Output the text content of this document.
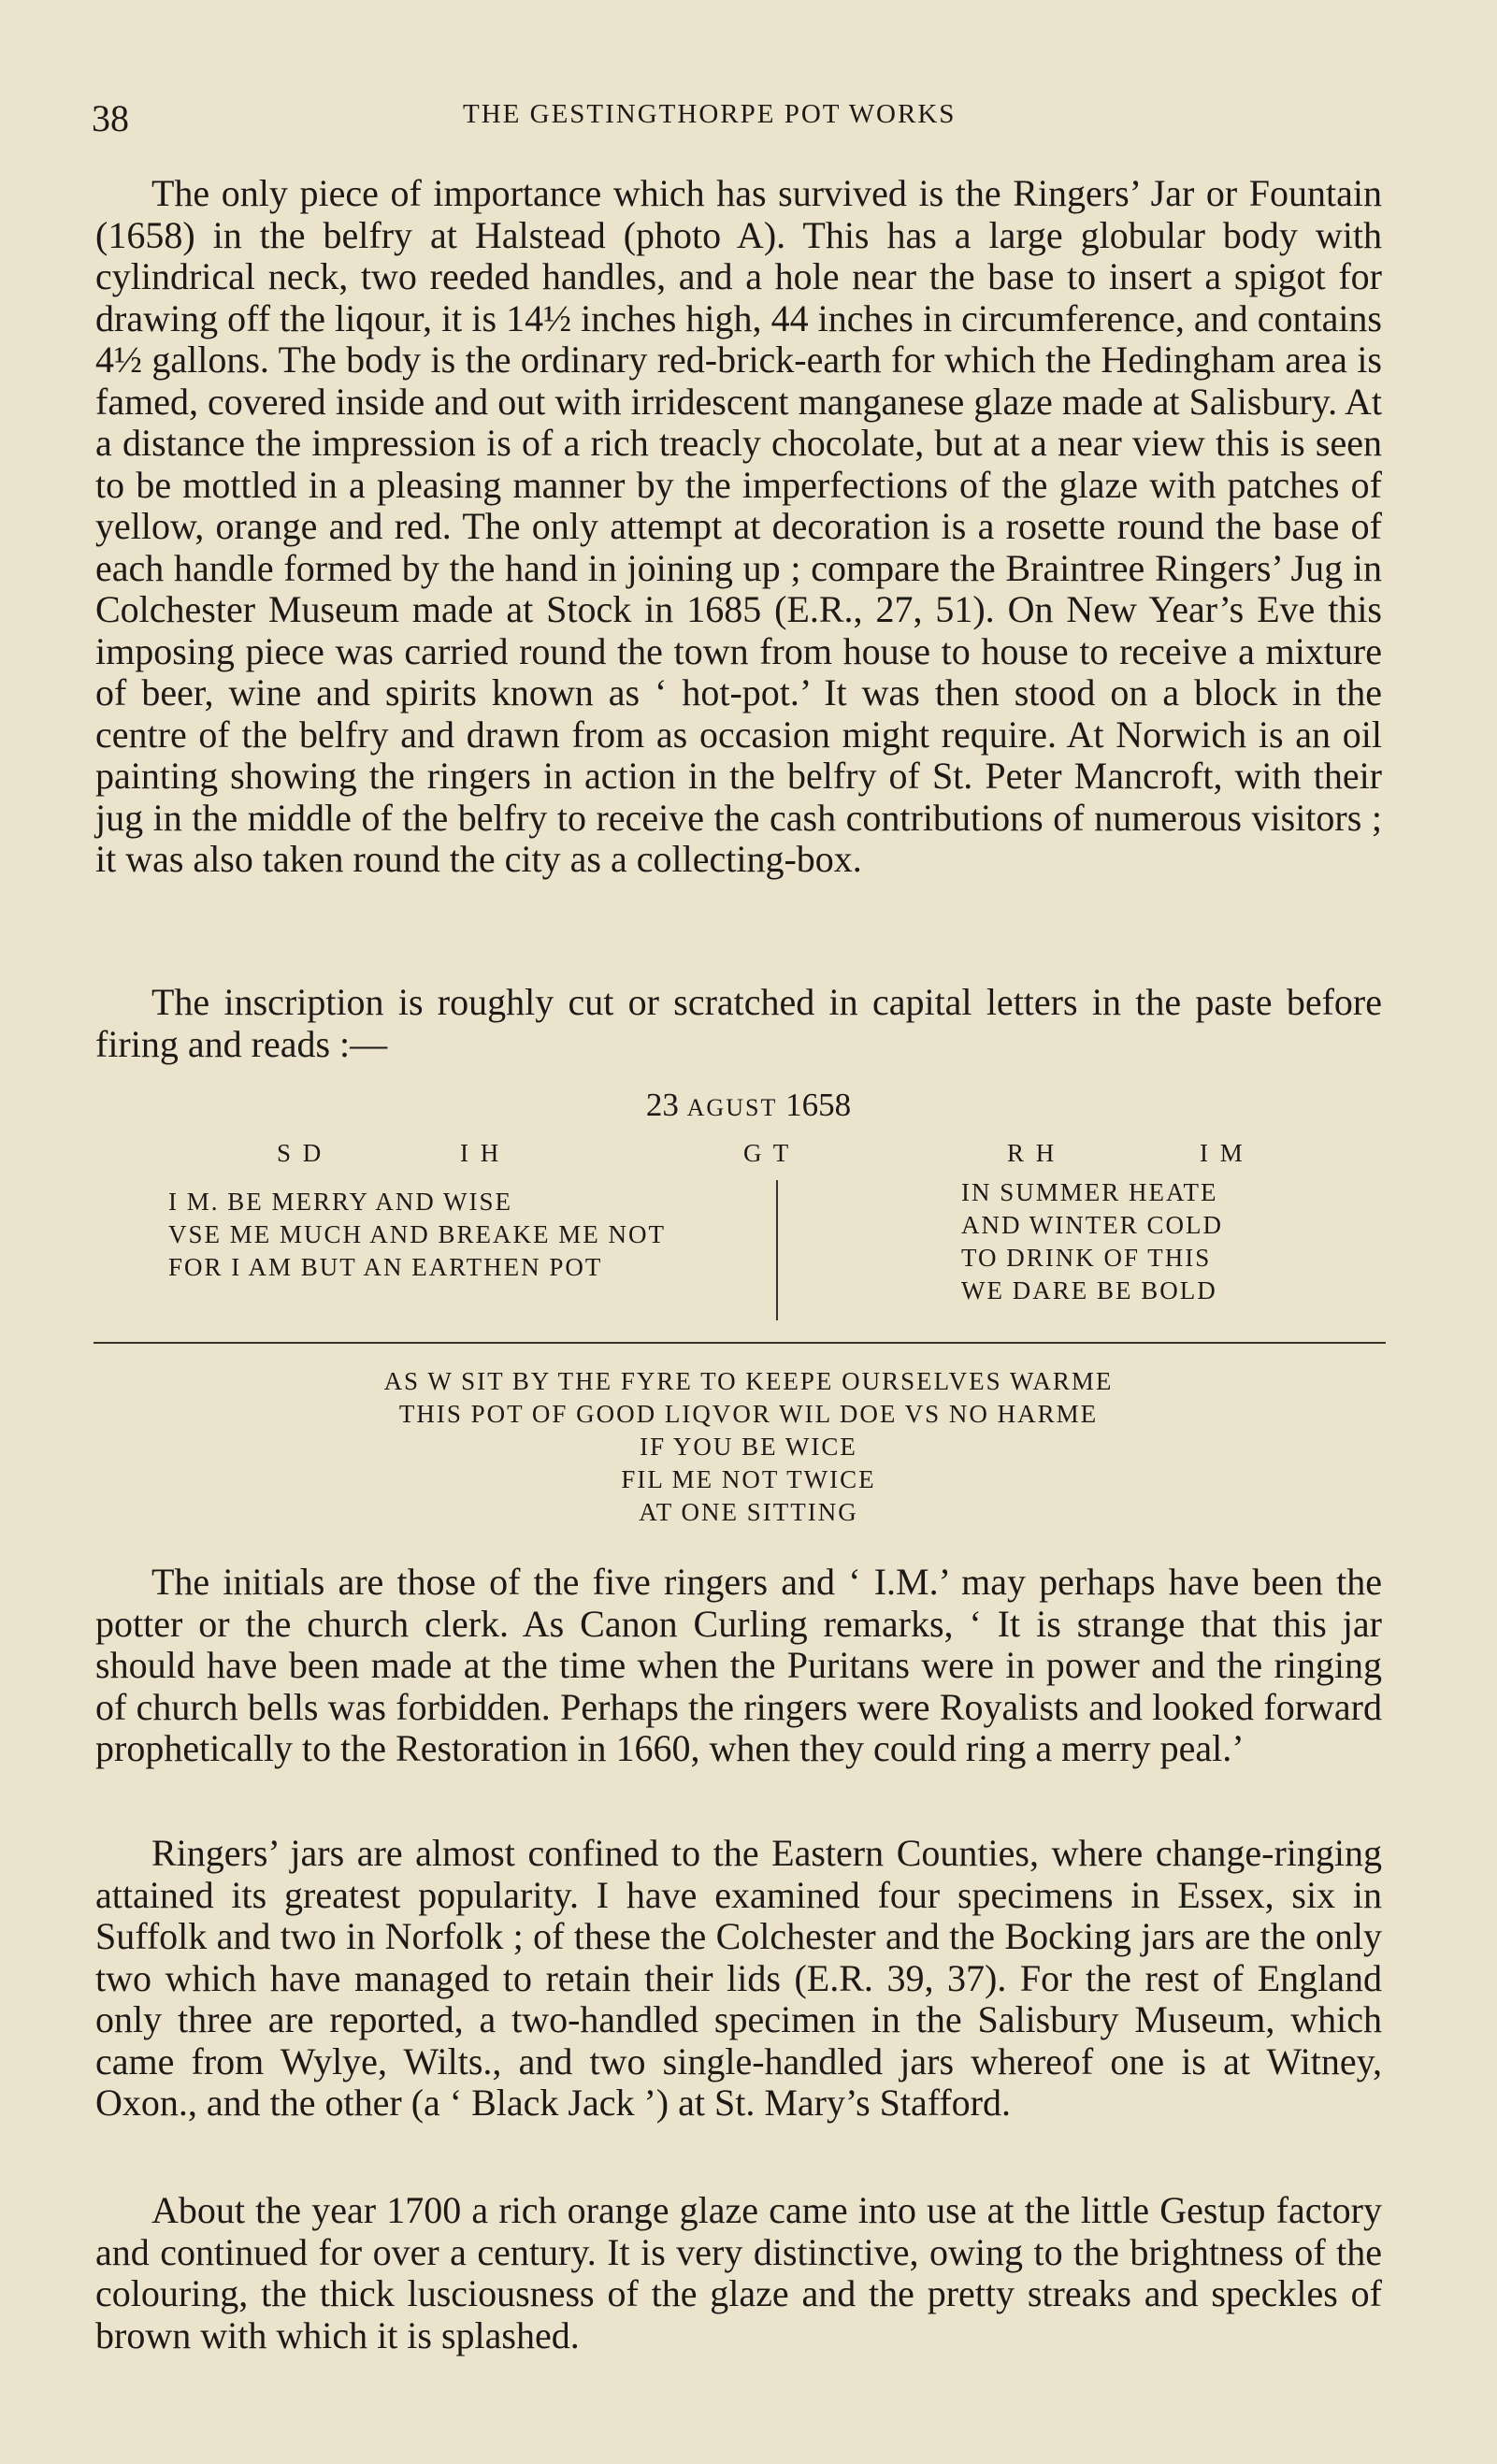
38	THE GESTINGTHORPE POT WORKS

The only piece of importance which has survived is the Ringers’ Jar or Fountain (1658) in the belfry at Halstead (photo A). This has a large globular body with cylindrical neck, two reeded handles, and a hole near the base to insert a spigot for drawing off the liqour, it is 14½ inches high, 44 inches in circumference, and contains 4½ gallons. The body is the ordinary red-brick-earth for which the Hedingham area is famed, covered inside and out with irridescent manganese glaze made at Salisbury. At a distance the impression is of a rich treacly chocolate, but at a near view this is seen to be mottled in a pleasing manner by the imperfections of the glaze with patches of yellow, orange and red. The only attempt at decoration is a rosette round the base of each handle formed by the hand in joining up ; compare the Braintree Ringers’ Jug in Colchester Museum made at Stock in 1685 (E.R., 27, 51). On New Year’s Eve this imposing piece was carried round the town from house to house to receive a mixture of beer, wine and spirits known as ‘ hot-pot.’ It was then stood on a block in the centre of the belfry and drawn from as occasion might require. At Norwich is an oil painting showing the ringers in action in the belfry of St. Peter Mancroft, with their jug in the middle of the belfry to receive the cash contributions of numerous visitors ; it was also taken round the city as a collecting-box.

The inscription is roughly cut or scratched in capital letters in the paste before firing and reads :—

23 AGUST 1658
S D	I H	G T	R H	I M
I M. BE MERRY AND WISE
VSE ME MUCH AND BREAKE ME NOT
FOR I AM BUT AN EARTHEN POT
IN SUMMER HEATE
AND WINTER COLD
TO DRINK OF THIS
WE DARE BE BOLD
AS W SIT BY THE FYRE TO KEEPE OURSELVES WARME
THIS POT OF GOOD LIQVOR WIL DOE VS NO HARME
IF YOU BE WICE
FIL ME NOT TWICE
AT ONE SITTING

The initials are those of the five ringers and ‘ I.M.’ may perhaps have been the potter or the church clerk. As Canon Curling remarks, ‘ It is strange that this jar should have been made at the time when the Puritans were in power and the ringing of church bells was forbidden. Perhaps the ringers were Royalists and looked forward prophetically to the Restoration in 1660, when they could ring a merry peal.’

Ringers’ jars are almost confined to the Eastern Counties, where change-ringing attained its greatest popularity. I have examined four specimens in Essex, six in Suffolk and two in Norfolk ; of these the Colchester and the Bocking jars are the only two which have managed to retain their lids (E.R. 39, 37). For the rest of England only three are reported, a two-handled specimen in the Salisbury Museum, which came from Wylye, Wilts., and two single-handled jars whereof one is at Witney, Oxon., and the other (a ‘ Black Jack ’) at St. Mary’s Stafford.

About the year 1700 a rich orange glaze came into use at the little Gestup factory and continued for over a century. It is very distinctive, owing to the brightness of the colouring, the thick lusciousness of the glaze and the pretty streaks and speckles of brown with which it is splashed.
